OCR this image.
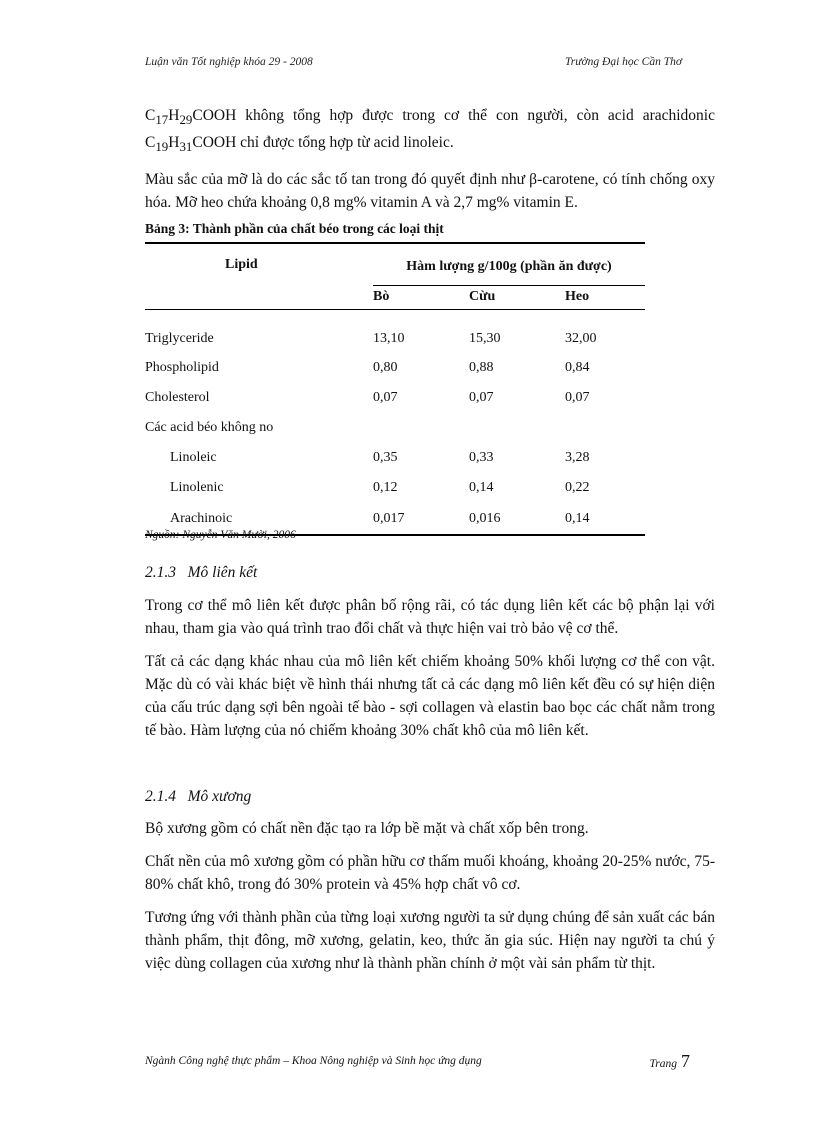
Luận văn Tốt nghiệp khóa 29 - 2008	Trường Đại học Cần Thơ

$C_{17}H_{29}COOH$ không tổng hợp được trong cơ thể con người, còn acid arachidonic $C_{19}H_{31}COOH$ chỉ được tổng hợp từ acid linoleic.

Màu sắc của mỡ là do các sắc tố tan trong đó quyết định như β-carotene, có tính chống oxy hóa. Mỡ heo chứa khoảng 0,8 mg% vitamin A và 2,7 mg% vitamin E.

Bảng 3: Thành phần của chất béo trong các loại thịt
Lipid	Hàm lượng g/100g (phần ăn được)		
	Bò	Cừu	Heo
Triglyceride	13,10	15,30	32,00
Phospholipid	0,80	0,88	0,84
Cholesterol	0,07	0,07	0,07
Các acid béo không no			
Linoleic	0,35	0,33	3,28
Linolenic	0,12	0,14	0,22
Arachinoic	0,017	0,016	0,14
Nguồn: Nguyễn Văn Mười, 2006
2.1.3 Mô liên kết

Trong cơ thể mô liên kết được phân bố rộng rãi, có tác dụng liên kết các bộ phận lại với nhau, tham gia vào quá trình trao đổi chất và thực hiện vai trò bảo vệ cơ thể.

Tất cả các dạng khác nhau của mô liên kết chiếm khoảng 50% khối lượng cơ thể con vật. Mặc dù có vài khác biệt về hình thái nhưng tất cả các dạng mô liên kết đều có sự hiện diện của cấu trúc dạng sợi bên ngoài tế bào - sợi collagen và elastin bao bọc các chất nằm trong tế bào. Hàm lượng của nó chiếm khoảng 30% chất khô của mô liên kết.

2.1.4 Mô xương

Bộ xương gồm có chất nền đặc tạo ra lớp bề mặt và chất xốp bên trong.

Chất nền của mô xương gồm có phần hữu cơ thấm muối khoáng, khoảng 20-25% nước, 75-80% chất khô, trong đó 30% protein và 45% hợp chất vô cơ.

Tương ứng với thành phần của từng loại xương người ta sử dụng chúng để sản xuất các bán thành phẩm, thịt đông, mỡ xương, gelatin, keo, thức ăn gia súc. Hiện nay người ta chú ý việc dùng collagen của xương như là thành phần chính ở một vài sản phẩm từ thịt.

Ngành Công nghệ thực phẩm – Khoa Nông nghiệp và Sinh học ứng dụng	Trang 7
